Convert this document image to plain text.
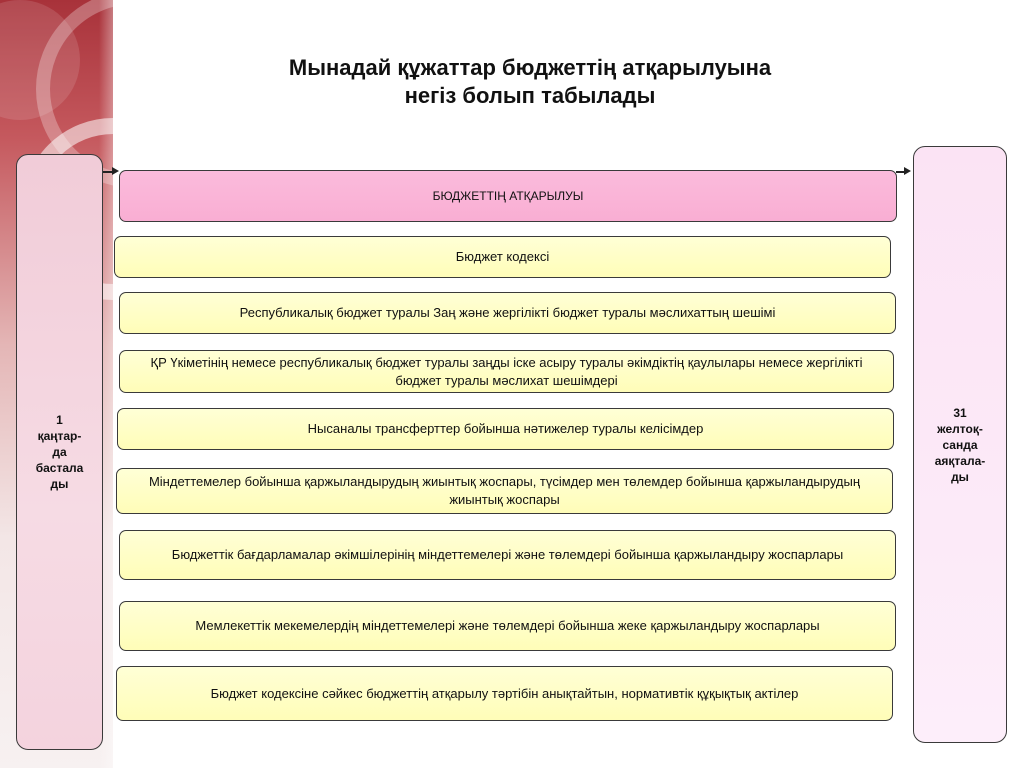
Мынадай құжаттар бюджеттің атқарылуына
негіз болып табылады
1
қаңтар-
да
бастала
ды
31
желтоқ-
санда
аяқтала-
ды
БЮДЖЕТТІҢ АТҚАРЫЛУЫ
Бюджет кодексі
Республикалық бюджет туралы Заң және жергілікті бюджет туралы мәслихаттың шешімі
ҚР Үкіметінің немесе республикалық бюджет туралы заңды іске асыру туралы әкімдіктің қаулылары немесе жергілікті бюджет туралы мәслихат шешімдері
Нысаналы трансферттер бойынша нәтижелер туралы келісімдер
Міндеттемелер бойынша қаржыландырудың жиынтық жоспары, түсімдер мен төлемдер бойынша қаржыландырудың жиынтық жоспары
Бюджеттік бағдарламалар әкімшілерінің міндеттемелері және төлемдері бойынша қаржыландыру жоспарлары
Мемлекеттік мекемелердің міндеттемелері және төлемдері бойынша жеке қаржыландыру жоспарлары
Бюджет кодексіне сәйкес бюджеттің атқарылу тәртібін анықтайтын, нормативтік құқықтық актілер
